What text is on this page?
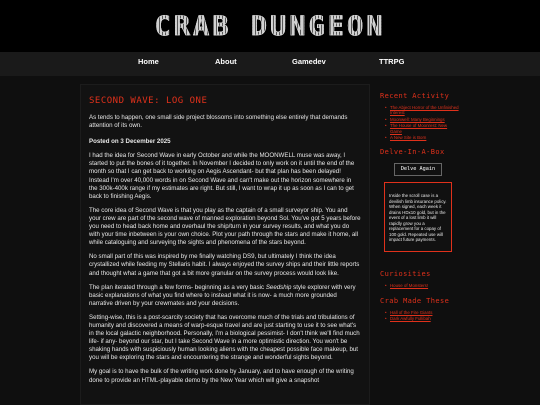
CRAB DUNGEON
Home	About	Gamedev	TTRPG
SECOND WAVE: LOG ONE

As tends to happen, one small side project blossoms into something else entirely that demands attention of its own.

Posted on 3 December 2025

I had the idea for Second Wave in early October and while the MOONWELL muse was away, I started to put the bones of it together. In November I decided to only work on it until the end of the month so that I can get back to working on Aegis Ascendant- but that plan has been delayed! Instead I'm over 40,000 words in on Second Wave and can't make out the horizon somewhere in the 300k-400k range if my estimates are right. But still, I want to wrap it up as soon as I can to get back to finishing Aegis.

The core idea of Second Wave is that you play as the captain of a small surveyor ship. You and your crew are part of the second wave of manned exploration beyond Sol. You've got 5 years before you need to head back home and overhaul the ship/turn in your survey results, and what you do with your time inbetween is your own choice. Plot your path through the stars and make it home, all while cataloguing and surveying the sights and phenomena of the stars beyond.

No small part of this was inspired by me finally watching DS9, but ultimately I think the idea crystallized while feeding my Stellaris habit. I always enjoyed the survey ships and their little reports and thought what a game that got a bit more granular on the survey process would look like.

The plan iterated through a few forms- beginning as a very basic Seedship style explorer with very basic explanations of what you find where to instead what it is now- a much more grounded narrative driven by your crewmates and your decisions.

Setting-wise, this is a post-scarcity society that has overcome much of the trials and tribulations of humanity and discovered a means of warp-esque travel and are just starting to use it to see what's in the local galactic neighborhood. Personally, I'm a biological pessimist- I don't think we'll find much life- if any- beyond our star, but I take Second Wave in a more optimistic direction. You won't be shaking hands with suspiciously human looking aliens with the cheapest possible face makeup, but you will be exploring the stars and encountering the strange and wonderful sights beyond.

My goal is to have the bulk of the writing work done by January, and to have enough of the writing done to provide an HTML-playable demo by the New Year which will give a snapshot

Recent Activity
• The Abject Horror of the Unfinished Interest
• Moonwell: Many Beginnings
• The House of Moonrest: New Game
• A New Site is Born
Delve-In-A-Box
Delve Again
Inside the scroll case is a devilish limb insurance policy. When signed, each week it drains HDx10 gold, but in the event of a lost limb it will rapidly grow you a replacement for a copay of 100 gold. Repeated use will impact future payments.
Curiosities
• House of Monsters!
Crab Made These
• Hall of the Fire Giants
• Dark Awfully Fullibah
